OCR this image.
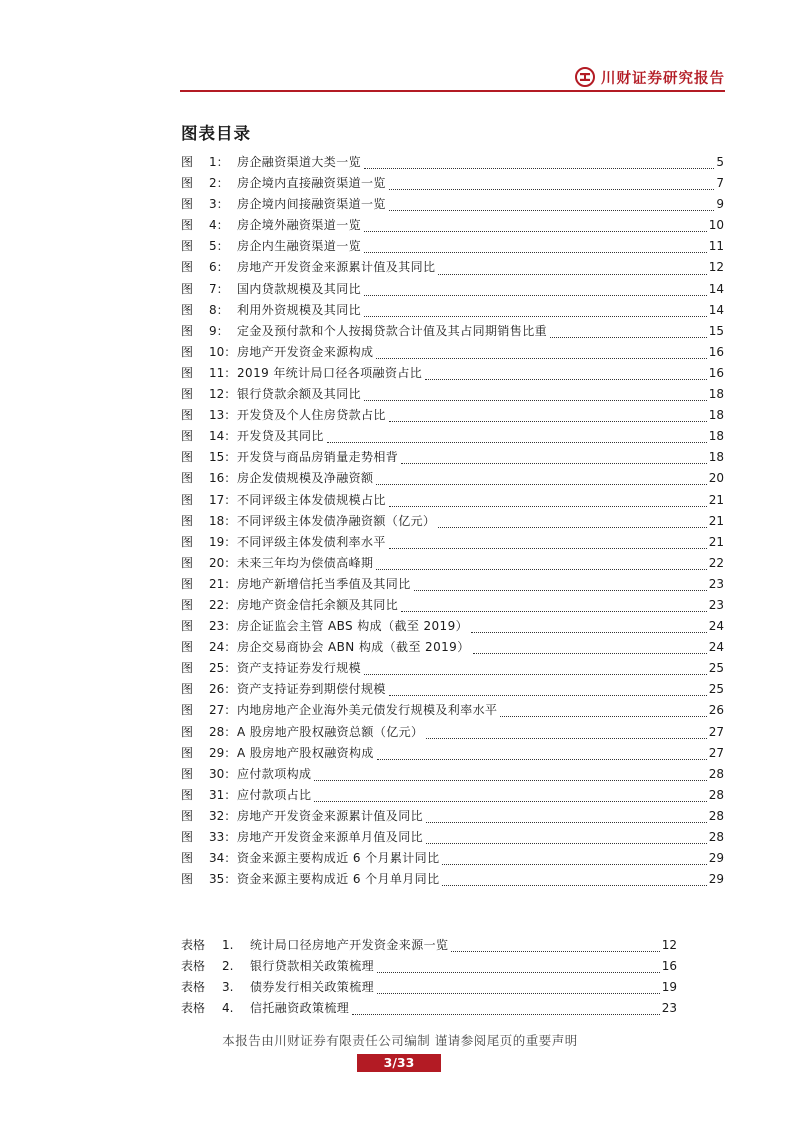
川财证券研究报告
图表目录
图	1： 房企融资渠道大类一览	5
图	2： 房企境内直接融资渠道一览	7
图	3： 房企境内间接融资渠道一览	9
图	4： 房企境外融资渠道一览	10
图	5： 房企内生融资渠道一览	11
图	6： 房地产开发资金来源累计值及其同比	12
图	7： 国内贷款规模及其同比	14
图	8： 利用外资规模及其同比	14
图	9： 定金及预付款和个人按揭贷款合计值及其占同期销售比重	15
图	10： 房地产开发资金来源构成	16
图	11： 2019 年统计局口径各项融资占比	16
图	12： 银行贷款余额及其同比	18
图	13： 开发贷及个人住房贷款占比	18
图	14： 开发贷及其同比	18
图	15： 开发贷与商品房销量走势相背	18
图	16： 房企发债规模及净融资额	20
图	17： 不同评级主体发债规模占比	21
图	18： 不同评级主体发债净融资额（亿元）	21
图	19： 不同评级主体发债利率水平	21
图	20： 未来三年均为偿债高峰期	22
图	21： 房地产新增信托当季值及其同比	23
图	22： 房地产资金信托余额及其同比	23
图	23： 房企证监会主管 ABS 构成（截至 2019）	24
图	24： 房企交易商协会 ABN 构成（截至 2019）	24
图	25： 资产支持证券发行规模	25
图	26： 资产支持证券到期偿付规模	25
图	27： 内地房地产企业海外美元债发行规模及利率水平	26
图	28： A 股房地产股权融资总额（亿元）	27
图	29： A 股房地产股权融资构成	27
图	30： 应付款项构成	28
图	31： 应付款项占比	28
图	32： 房地产开发资金来源累计值及同比	28
图	33： 房地产开发资金来源单月值及同比	28
图	34： 资金来源主要构成近 6 个月累计同比	29
图	35： 资金来源主要构成近 6 个月单月同比	29
表格	1.	统计局口径房地产开发资金来源一览	12
表格	2.	银行贷款相关政策梳理	16
表格	3.	债券发行相关政策梳理	19
表格	4.	信托融资政策梳理	23
本报告由川财证券有限责任公司编制 谨请参阅尾页的重要声明
3/33
